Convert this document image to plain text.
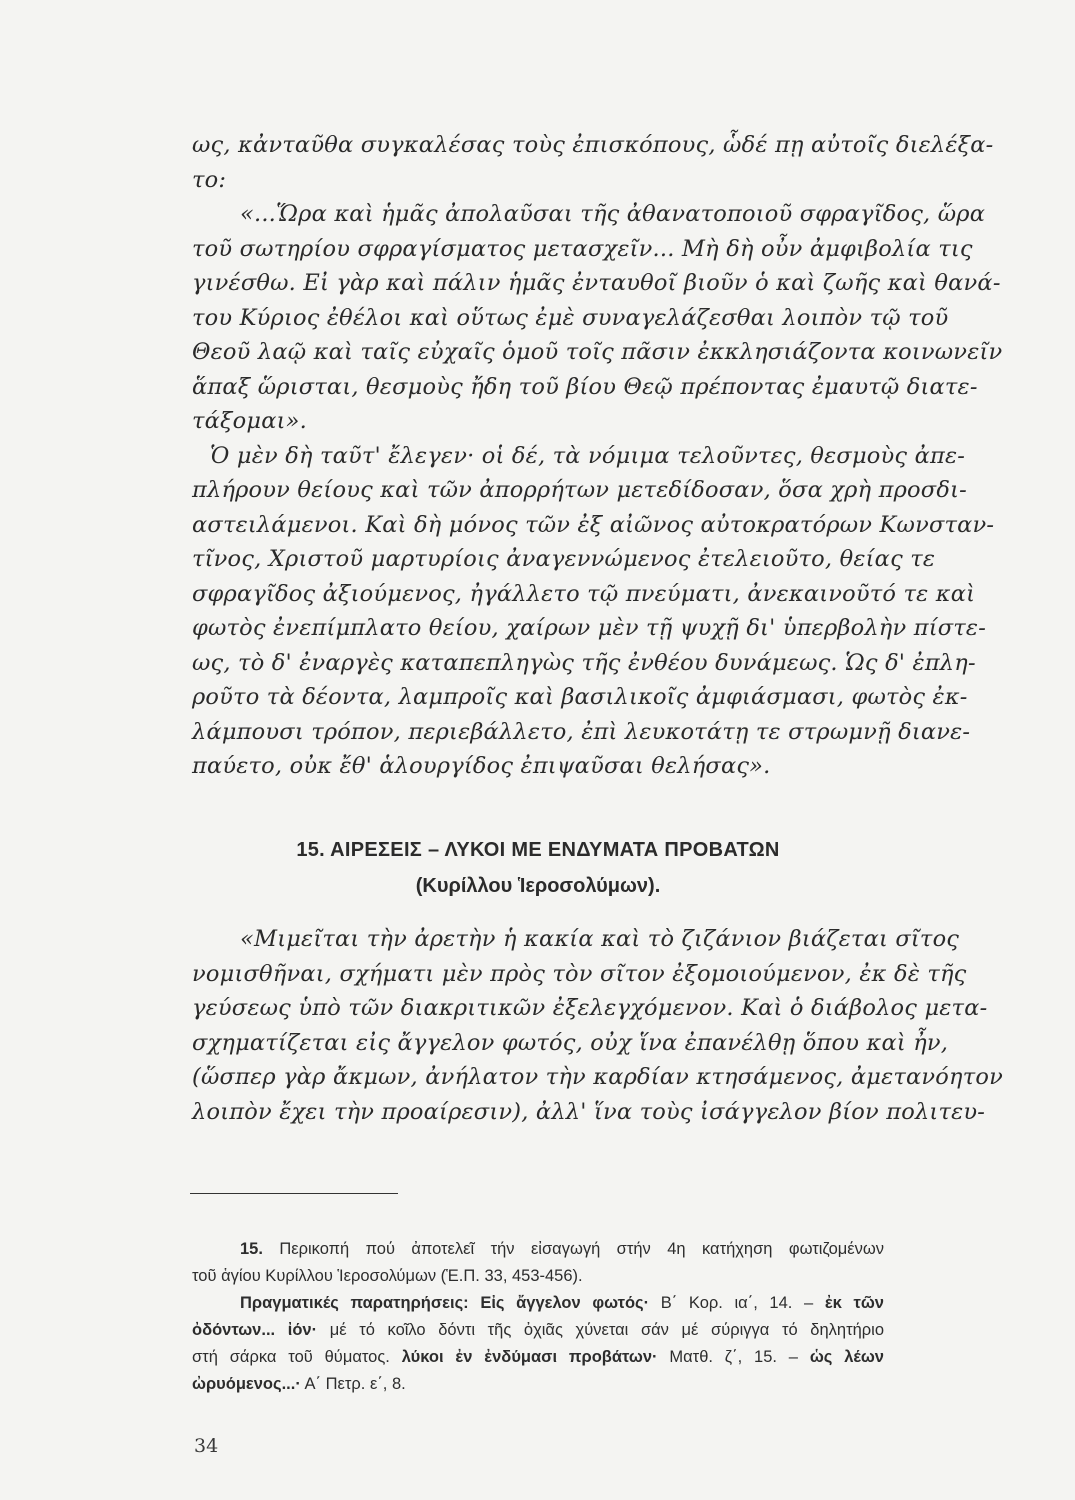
ως, κἀνταῦθα συγκαλέσας τοὺς ἐπισκόπους, ὧδέ πῃ αὐτοῖς διελέξα-
το:
«...Ὥρα καὶ ἡμᾶς ἀπολαῦσαι τῆς ἀθανατοποιοῦ σφραγῖδος, ὥρα
τοῦ σωτηρίου σφραγίσματος μετασχεῖν... Μὴ δὴ οὖν ἀμφιβολία τις
γινέσθω. Εἰ γὰρ καὶ πάλιν ἡμᾶς ἐνταυθοῖ βιοῦν ὁ καὶ ζωῆς καὶ θανά-
του Κύριος ἐθέλοι καὶ οὕτως ἐμὲ συναγελάζεσθαι λοιπὸν τῷ τοῦ
Θεοῦ λαῷ καὶ ταῖς εὐχαῖς ὁμοῦ τοῖς πᾶσιν ἐκκλησιάζοντα κοινωνεῖν
ἅπαξ ὥρισται, θεσμοὺς ἤδη τοῦ βίου Θεῷ πρέποντας ἐμαυτῷ διατε-
τάξομαι».
Ὁ μὲν δὴ ταῦτ' ἔλεγεν· οἱ δέ, τὰ νόμιμα τελοῦντες, θεσμοὺς ἀπε-
πλήρουν θείους καὶ τῶν ἀπορρήτων μετεδίδοσαν, ὅσα χρὴ προσδι-
αστειλάμενοι. Καὶ δὴ μόνος τῶν ἐξ αἰῶνος αὐτοκρατόρων Κωνσταν-
τῖνος, Χριστοῦ μαρτυρίοις ἀναγεννώμενος ἐτελειοῦτο, θείας τε
σφραγῖδος ἀξιούμενος, ἠγάλλετο τῷ πνεύματι, ἀνεκαινοῦτό τε καὶ
φωτὸς ἐνεπίμπλατο θείου, χαίρων μὲν τῇ ψυχῇ δι' ὑπερβολὴν πίστε-
ως, τὸ δ' ἐναργὲς καταπεπληγὼς τῆς ἐνθέου δυνάμεως. Ὡς δ' ἐπλη-
ροῦτο τὰ δέοντα, λαμπροῖς καὶ βασιλικοῖς ἀμφιάσμασι, φωτὸς ἐκ-
λάμπουσι τρόπον, περιεβάλλετο, ἐπὶ λευκοτάτῃ τε στρωμνῇ διανε-
παύετο, οὐκ ἔθ' ἁλουργίδος ἐπιψαῦσαι θελήσας».
15. ΑΙΡΕΣΕΙΣ – ΛΥΚΟΙ ΜΕ ΕΝΔΥΜΑΤΑ ΠΡΟΒΑΤΩΝ
(Κυρίλλου Ἱεροσολύμων).
«Μιμεῖται τὴν ἀρετὴν ἡ κακία καὶ τὸ ζιζάνιον βιάζεται σῖτος
νομισθῆναι, σχήματι μὲν πρὸς τὸν σῖτον ἐξομοιούμενον, ἐκ δὲ τῆς
γεύσεως ὑπὸ τῶν διακριτικῶν ἐξελεγχόμενον. Καὶ ὁ διάβολος μετα-
σχηματίζεται εἰς ἄγγελον φωτός, οὐχ ἵνα ἐπανέλθῃ ὅπου καὶ ἦν,
(ὥσπερ γὰρ ἄκμων, ἀνήλατον τὴν καρδίαν κτησάμενος, ἀμετανόητον
λοιπὸν ἔχει τὴν προαίρεσιν), ἀλλ' ἵνα τοὺς ἰσάγγελον βίον πολιτευ-
15. Περικοπή πού ἀποτελεῖ τήν εἰσαγωγή στήν 4η κατήχηση φωτιζομένων
τοῦ ἁγίου Κυρίλλου Ἱεροσολύμων (Ἑ.Π. 33, 453-456).
Πραγματικές παρατηρήσεις: Εἰς ἄγγελον φωτός· Β΄ Κορ. ια΄, 14. – ἐκ τῶν
ὀδόντων... ἰόν· μέ τό κοῖλο δόντι τῆς ὀχιᾶς χύνεται σάν μέ σύριγγα τό δηλητήριο
στή σάρκα τοῦ θύματος. λύκοι ἐν ἐνδύμασι προβάτων· Ματθ. ζ΄, 15. – ὡς λέων
ὠρυόμενος...· Α΄ Πετρ. ε΄, 8.
34
